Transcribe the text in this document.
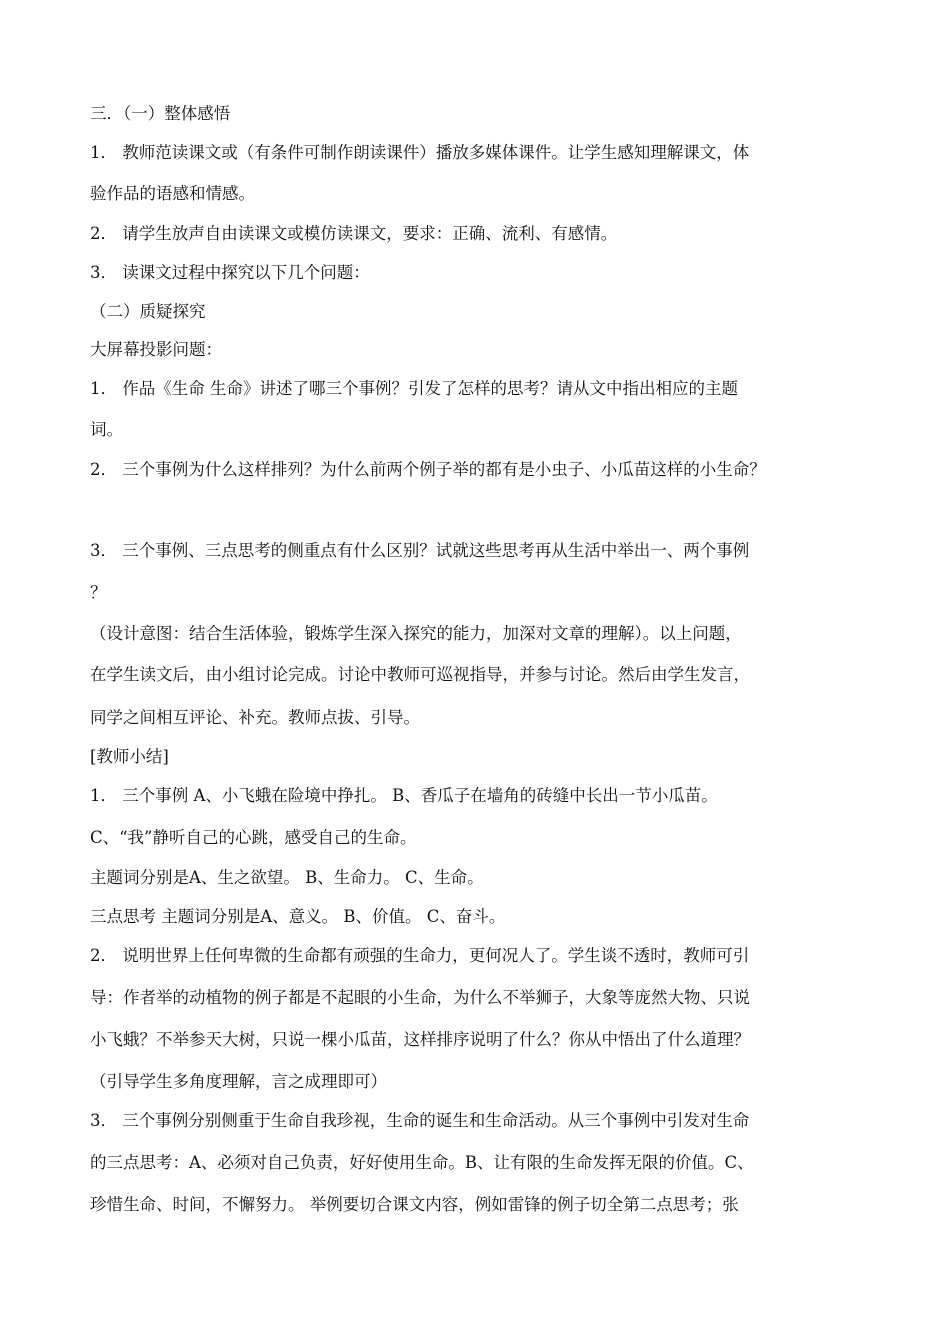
三．（一）整体感悟
1． 教师范读课文或（有条件可制作朗读课件）播放多媒体课件。让学生感知理解课文，体
验作品的语感和情感。
2． 请学生放声自由读课文或模仿读课文，要求：正确、流利、有感情。
3． 读课文过程中探究以下几个问题：
（二）质疑探究
大屏幕投影问题：
1． 作品《生命 生命》讲述了哪三个事例？引发了怎样的思考？请从文中指出相应的主题
词。
2． 三个事例为什么这样排列？为什么前两个例子举的都有是小虫子、小瓜苗这样的小生命？
3． 三个事例、三点思考的侧重点有什么区别？试就这些思考再从生活中举出一、两个事例
？
（设计意图：结合生活体验，锻炼学生深入探究的能力，加深对文章的理解）。以上问题，
在学生读文后，由小组讨论完成。讨论中教师可巡视指导，并参与讨论。然后由学生发言，
同学之间相互评论、补充。教师点拔、引导。
[教师小结]
1． 三个事例 A、小飞蛾在险境中挣扎。 B、香瓜子在墙角的砖缝中长出一节小瓜苗。
C、“我”静听自己的心跳，感受自己的生命。
主题词分别是A、生之欲望。 B、生命力。 C、生命。
三点思考 主题词分别是A、意义。 B、价值。 C、奋斗。
2． 说明世界上任何卑微的生命都有顽强的生命力，更何况人了。学生谈不透时，教师可引
导：作者举的动植物的例子都是不起眼的小生命，为什么不举狮子，大象等庞然大物、只说
小飞蛾？不举参天大树，只说一棵小瓜苗，这样排序说明了什么？你从中悟出了什么道理？
（引导学生多角度理解，言之成理即可）
3． 三个事例分别侧重于生命自我珍视，生命的诞生和生命活动。从三个事例中引发对生命
的三点思考：A、必须对自己负责，好好使用生命。B、让有限的生命发挥无限的价值。C、
珍惜生命、时间，不懈努力。 举例要切合课文内容，例如雷锋的例子切全第二点思考；张
